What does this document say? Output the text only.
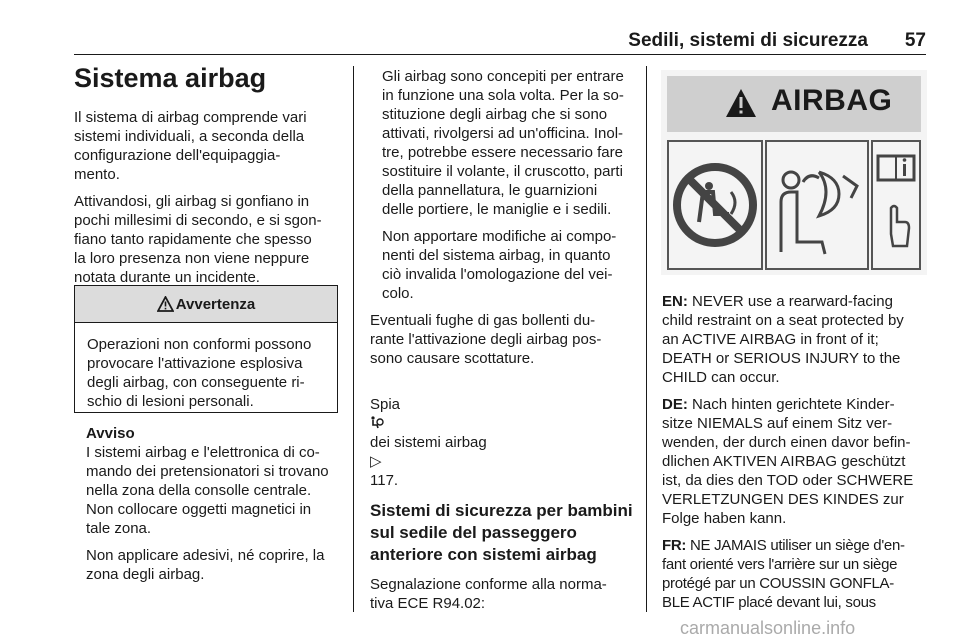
Sedili, sistemi di sicurezza 57
Sistema airbag

Il sistema di airbag comprende vari
sistemi individuali, a seconda della
configurazione dell'equipaggia-
mento.

Attivandosi, gli airbag si gonfiano in
pochi millesimi di secondo, e si sgon-
fiano tanto rapidamente che spesso
la loro presenza non viene neppure
notata durante un incidente.

Avvertenza
Operazioni non conformi possono
provocare l'attivazione esplosiva
degli airbag, con conseguente ri-
schio di lesioni personali.
Avviso

I sistemi airbag e l'elettronica di co-
mando dei pretensionatori si trovano
nella zona della consolle centrale.
Non collocare oggetti magnetici in
tale zona.

Non applicare adesivi, né coprire, la
zona degli airbag.

Gli airbag sono concepiti per entrare
in funzione una sola volta. Per la so-
stituzione degli airbag che si sono
attivati, rivolgersi ad un'officina. Inol-
tre, potrebbe essere necessario fare
sostituire il volante, il cruscotto, parti
della pannellatura, le guarnizioni
delle portiere, le maniglie e i sedili.

Non apportare modifiche ai compo-
nenti del sistema airbag, in quanto
ciò invalida l'omologazione del vei-
colo.

Eventuali fughe di gas bollenti du-
rante l'attivazione degli airbag pos-
sono causare scottature.

Spia

dei sistemi airbag
▷
117.

Sistemi di sicurezza per bambini
sul sedile del passeggero
anteriore con sistemi airbag

Segnalazione conforme alla norma-
tiva ECE R94.02:

AIRBAG

EN: NEVER use a rearward-facing
child restraint on a seat protected by
an ACTIVE AIRBAG in front of it;
DEATH or SERIOUS INJURY to the
CHILD can occur.

DE: Nach hinten gerichtete Kinder-
sitze NIEMALS auf einem Sitz ver-
wenden, der durch einen davor befin-
dlichen AKTIVEN AIRBAG geschützt
ist, da dies den TOD oder SCHWERE
VERLETZUNGEN DES KINDES zur
Folge haben kann.

FR: NE JAMAIS utiliser un siège d'en-
fant orienté vers l'arrière sur un siège
protégé par un COUSSIN GONFLA-
BLE ACTIF placé devant lui, sous

carmanualsonline.info
